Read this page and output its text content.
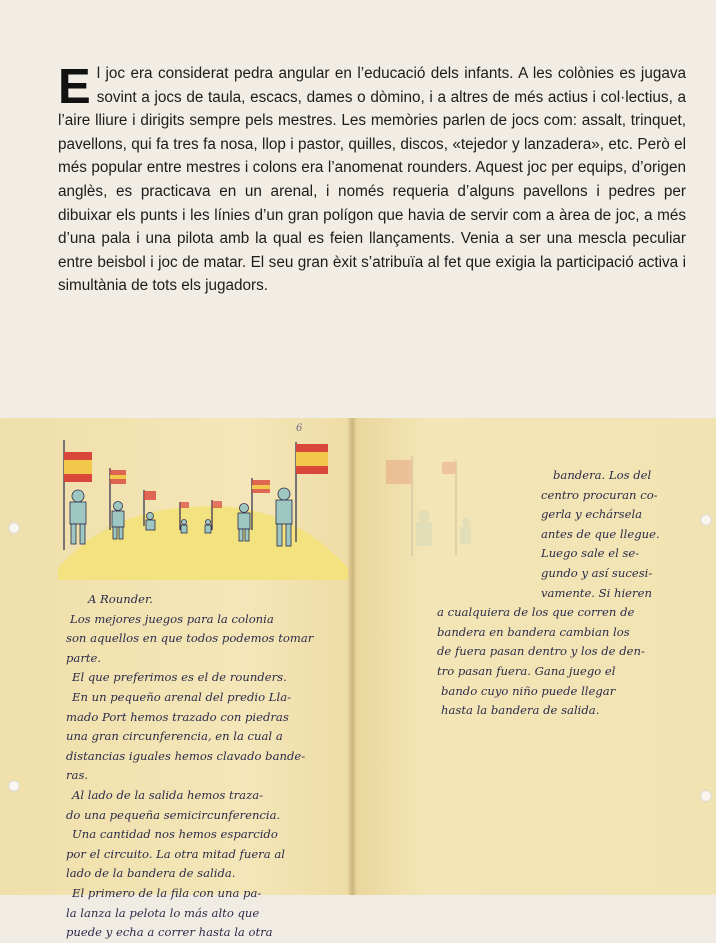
E l joc era considerat pedra angular en l’educació dels infants. A les colònies es jugava sovint a jocs de taula, escacs, dames o dòmino, i a altres de més actius i col·lectius, a l’aire lliure i dirigits sempre pels mestres. Les memòries parlen de jocs com: assalt, trinquet, pavellons, qui fa tres fa nosa, llop i pastor, quilles, discos, «tejedor y lanzadera», etc. Però el més popular entre mestres i colons era l’anomenat rounders. Aquest joc per equips, d’origen anglès, es practicava en un arenal, i només requeria d’alguns pavellons i pedres per dibuixar els punts i les línies d’un gran polígon que havia de servir com a àrea de joc, a més d’una pala i una pilota amb la qual es feien llançaments. Venia a ser una mescla peculiar entre beisbol i joc de matar. El seu gran èxit s’atribuïa al fet que exigia la participació activa i simultània de tots els jugadors.
6
A Rounder.
Los mejores juegos para la colonia
son aquellos en que todos podemos tomar
parte.
El que preferimos es el de rounders.
En un pequeño arenal del predio Lla-
mado Port hemos trazado con piedras
una gran circunferencia, en la cual a
distancias iguales hemos clavado bande-
ras.
Al lado de la salida hemos traza-
do una pequeña semicircunferencia.
Una cantidad nos hemos esparcido
por el circuito. La otra mitad fuera al
lado de la bandera de salida.
El primero de la fila con una pa-
la lanza la pelota lo más alto que
puede y echa a correr hasta la otra
bandera. Los del
centro procuran co-
gerla y echársela
antes de que llegue.
Luego sale el se-
gundo y así sucesi-
vamente. Si hieren
a cualquiera de los que corren de
bandera en bandera cambian los
de fuera pasan dentro y los de den-
tro pasan fuera. Gana juego el
bando cuyo niño puede llegar
hasta la bandera de salida.
